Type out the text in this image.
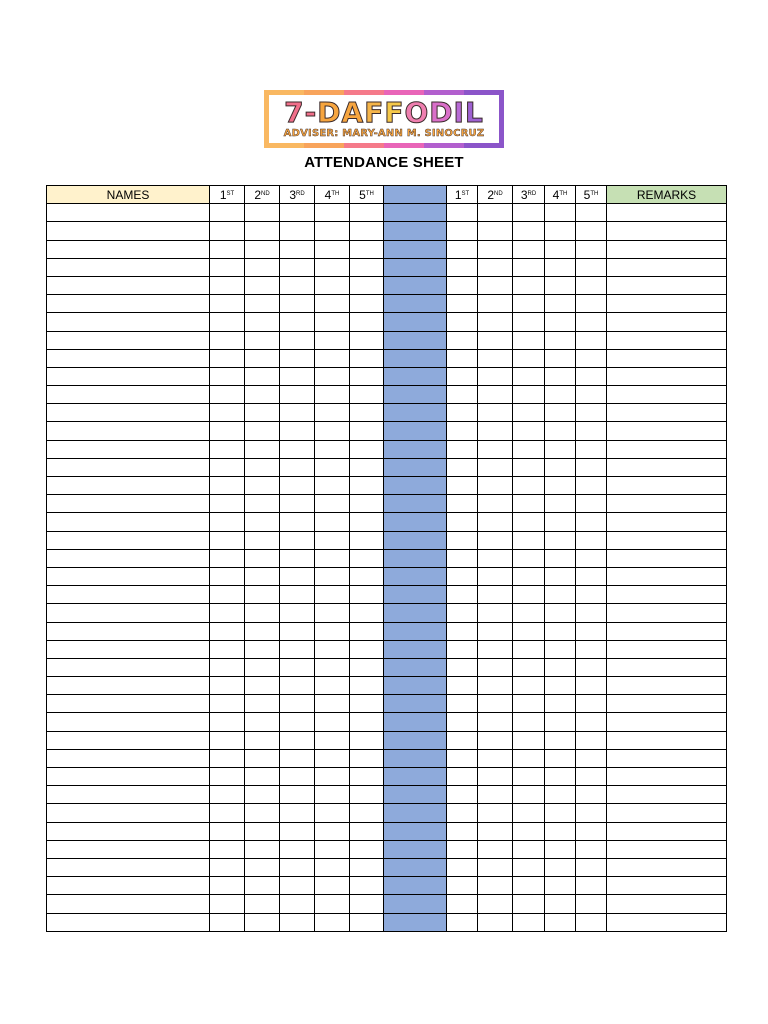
7-DAFFODIL
ADVISER: MARY-ANN M. SINOCRUZ
ATTENDANCE SHEET
NAMES	1ST	2ND	3RD	4TH	5TH		1ST	2ND	3RD	4TH	5TH	REMARKS
